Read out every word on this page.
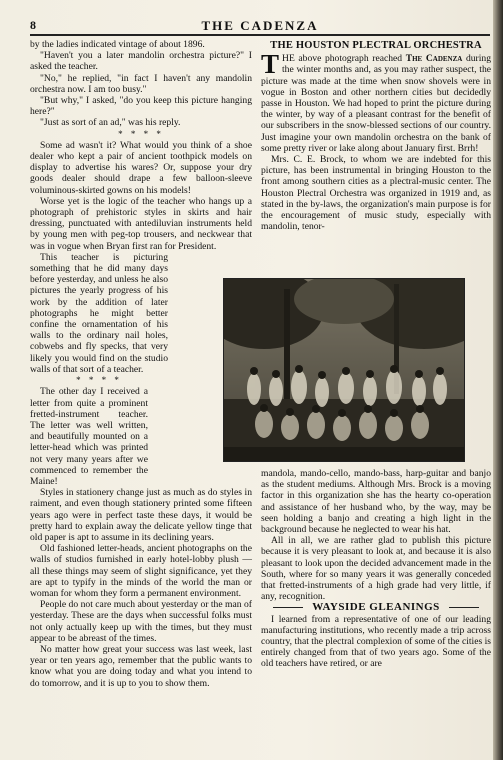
8	THE CADENZA

by the ladies indicated vintage of about 1896.

"Haven't you a later mandolin orchestra picture?" I asked the teacher.

"No," he replied, "in fact I haven't any mandolin orchestra now. I am too busy."

"But why," I asked, "do you keep this picture hanging here?"

"Just as sort of an ad," was his reply.

* * * *

Some ad wasn't it? What would you think of a shoe dealer who kept a pair of ancient toothpick models on display to advertise his wares? Or, suppose your dry goods dealer should drape a few balloon-sleeve voluminous-skirted gowns on his models!

Worse yet is the logic of the teacher who hangs up a photograph of prehistoric styles in skirts and hair dressing, punctuated with antediluvian instruments held by young men with peg-top trousers, and neckwear that was in vogue when Bryan first ran for President.

This teacher is picturing something that he did many days before yesterday, and unless he also pictures the yearly progress of his work by the addition of later photographs he might better confine the ornamentation of his walls to the ordinary nail holes, cobwebs and fly specks, that very likely you would find on the studio walls of that sort of a teacher.

* * * *

The other day I received a letter from quite a prominent fretted-instrument teacher. The letter was well written, and beautifully mounted on a letter-head which was printed not very many years after we commenced to remember the Maine!

Styles in stationery change just as much as do styles in raiment, and even though stationery printed some fifteen years ago were in perfect taste these days, it would be pretty hard to explain away the delicate yellow tinge that old paper is apt to assume in its declining years.

Old fashioned letter-heads, ancient photographs on the walls of studios furnished in early hotel-lobby plush — all these things may seem of slight significance, yet they are apt to typify in the minds of the world the man or woman for whom they form a permanent environment.

People do not care much about yesterday or the man of yesterday. These are the days when successful folks must not only actually keep up with the times, but they must appear to be abreast of the times.

No matter how great your success was last week, last year or ten years ago, remember that the public wants to know what you are doing today and what you intend to do tomorrow, and it is up to you to show them.

THE HOUSTON PLECTRAL ORCHESTRA

THE above photograph reached The Cadenza during the winter months and, as you may rather suspect, the picture was made at the time when snow shovels were in vogue in Boston and other northern cities but decidedly passe in Houston. We had hoped to print the picture during the winter, by way of a pleasant contrast for the benefit of our subscribers in the snow-blessed sections of our country. Just imagine your own mandolin orchestra on the bank of some pretty river or lake along about January first. Brrh!

Mrs. C. E. Brock, to whom we are indebted for this picture, has been instrumental in bringing Houston to the front among southern cities as a plectral-music center. The Houston Plectral Orchestra was organized in 1919 and, as stated in the by-laws, the organization's main purpose is for the encouragement of music study, especially with mandolin, tenor-

mandola, mando-cello, mando-bass, harp-guitar and banjo as the student mediums. Although Mrs. Brock is a moving factor in this organization she has the hearty co-operation and assistance of her husband who, by the way, may be seen holding a banjo and creating a high light in the background because he neglected to wear his hat.

All in all, we are rather glad to publish this picture because it is very pleasant to look at, and because it is also pleasant to look upon the decided advancement made in the South, where for so many years it was generally conceded that fretted-instruments of a high grade had very little, if any, recognition.

WAYSIDE GLEANINGS

I learned from a representative of one of our leading manufacturing institutions, who recently made a trip across country, that the plectral complexion of some of the cities is entirely changed from that of two years ago. Some of the old teachers have retired, or are
